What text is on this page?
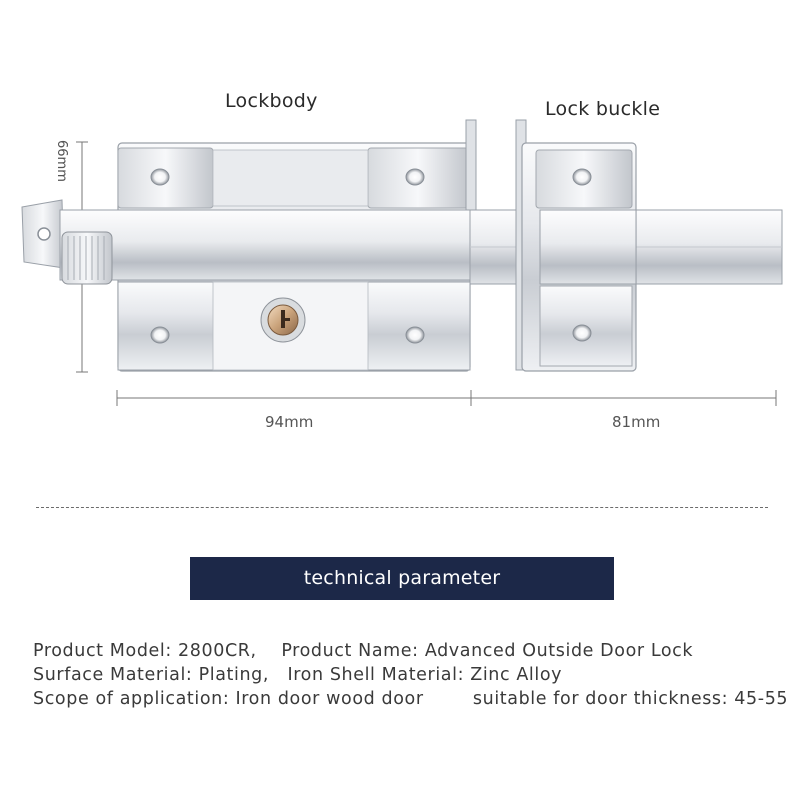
Lockbody	Lock buckle
66mm
94mm	81mm
technical parameter
Product Model: 2800CR,    Product Name: Advanced Outside Door Lock
Surface Material: Plating,   Iron Shell Material: Zinc Alloy
Scope of application: Iron door wood door        suitable for door thickness: 45-55
